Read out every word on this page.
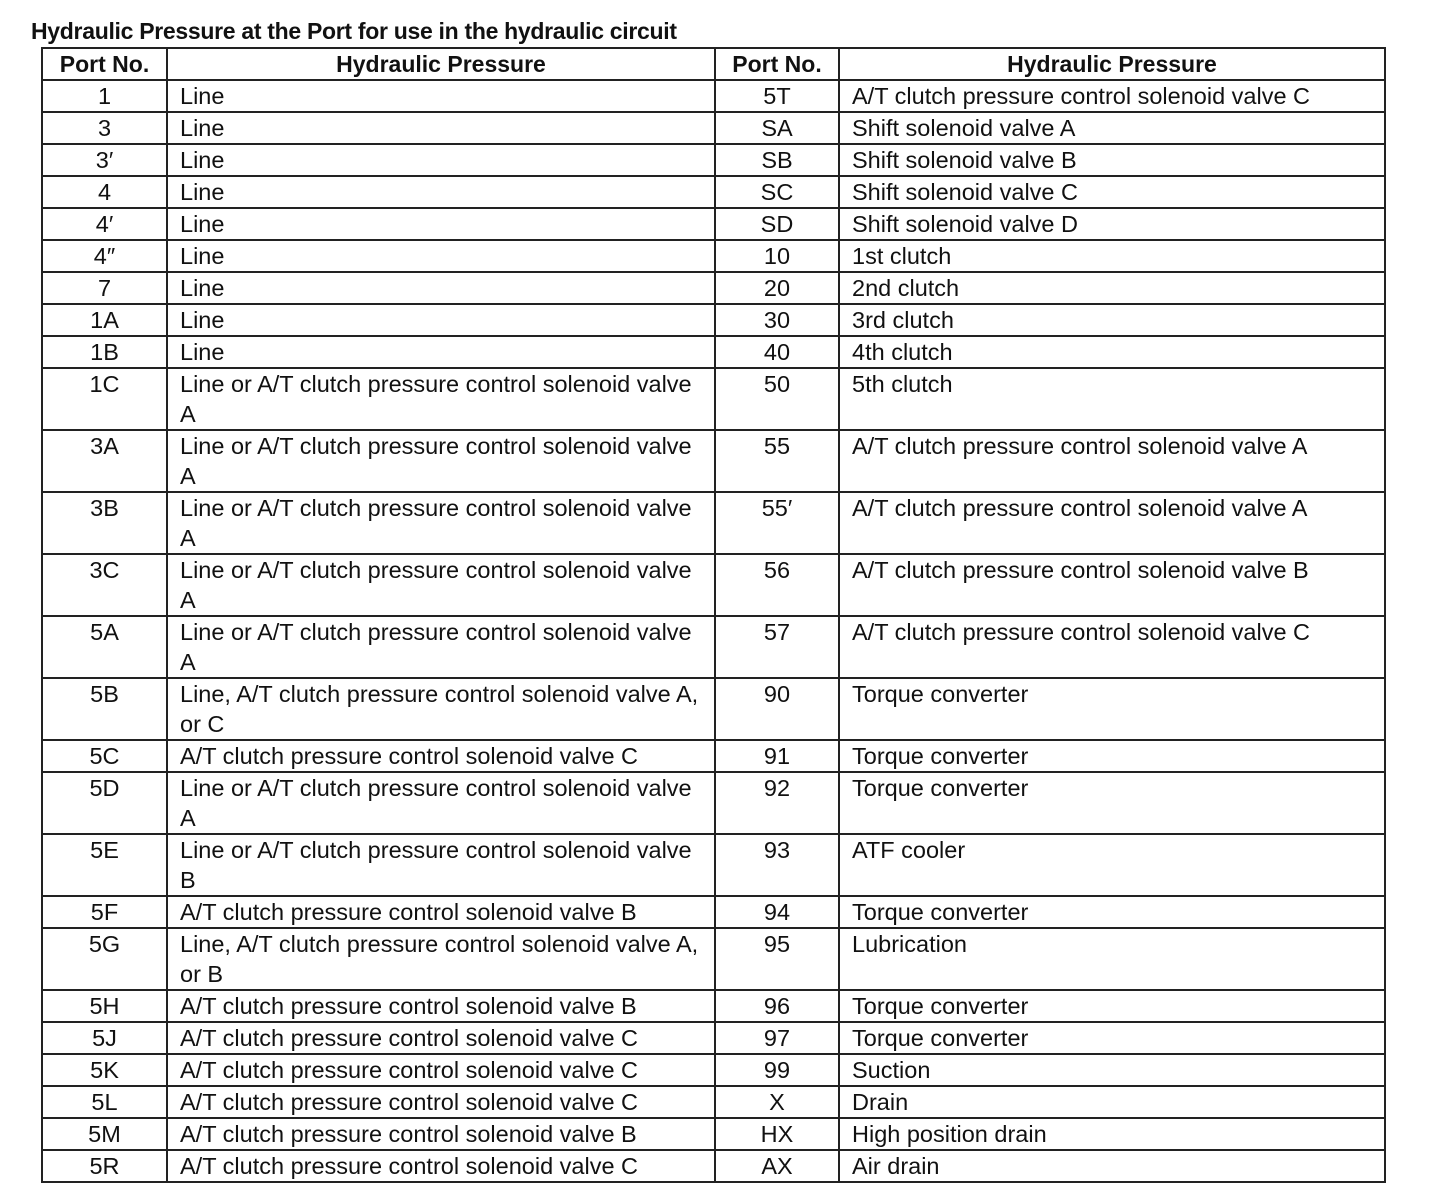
Hydraulic Pressure at the Port for use in the hydraulic circuit
Port No.	Hydraulic Pressure	Port No.	Hydraulic Pressure
1	Line	5T	A/T clutch pressure control solenoid valve C
3	Line	SA	Shift solenoid valve A
3′	Line	SB	Shift solenoid valve B
4	Line	SC	Shift solenoid valve C
4′	Line	SD	Shift solenoid valve D
4″	Line	10	1st clutch
7	Line	20	2nd clutch
1A	Line	30	3rd clutch
1B	Line	40	4th clutch
1C	Line or A/T clutch pressure control solenoid valve A	50	5th clutch
3A	Line or A/T clutch pressure control solenoid valve A	55	A/T clutch pressure control solenoid valve A
3B	Line or A/T clutch pressure control solenoid valve A	55′	A/T clutch pressure control solenoid valve A
3C	Line or A/T clutch pressure control solenoid valve A	56	A/T clutch pressure control solenoid valve B
5A	Line or A/T clutch pressure control solenoid valve A	57	A/T clutch pressure control solenoid valve C
5B	Line, A/T clutch pressure control solenoid valve A, or C	90	Torque converter
5C	A/T clutch pressure control solenoid valve C	91	Torque converter
5D	Line or A/T clutch pressure control solenoid valve A	92	Torque converter
5E	Line or A/T clutch pressure control solenoid valve B	93	ATF cooler
5F	A/T clutch pressure control solenoid valve B	94	Torque converter
5G	Line, A/T clutch pressure control solenoid valve A, or B	95	Lubrication
5H	A/T clutch pressure control solenoid valve B	96	Torque converter
5J	A/T clutch pressure control solenoid valve C	97	Torque converter
5K	A/T clutch pressure control solenoid valve C	99	Suction
5L	A/T clutch pressure control solenoid valve C	X	Drain
5M	A/T clutch pressure control solenoid valve B	HX	High position drain
5R	A/T clutch pressure control solenoid valve C	AX	Air drain
